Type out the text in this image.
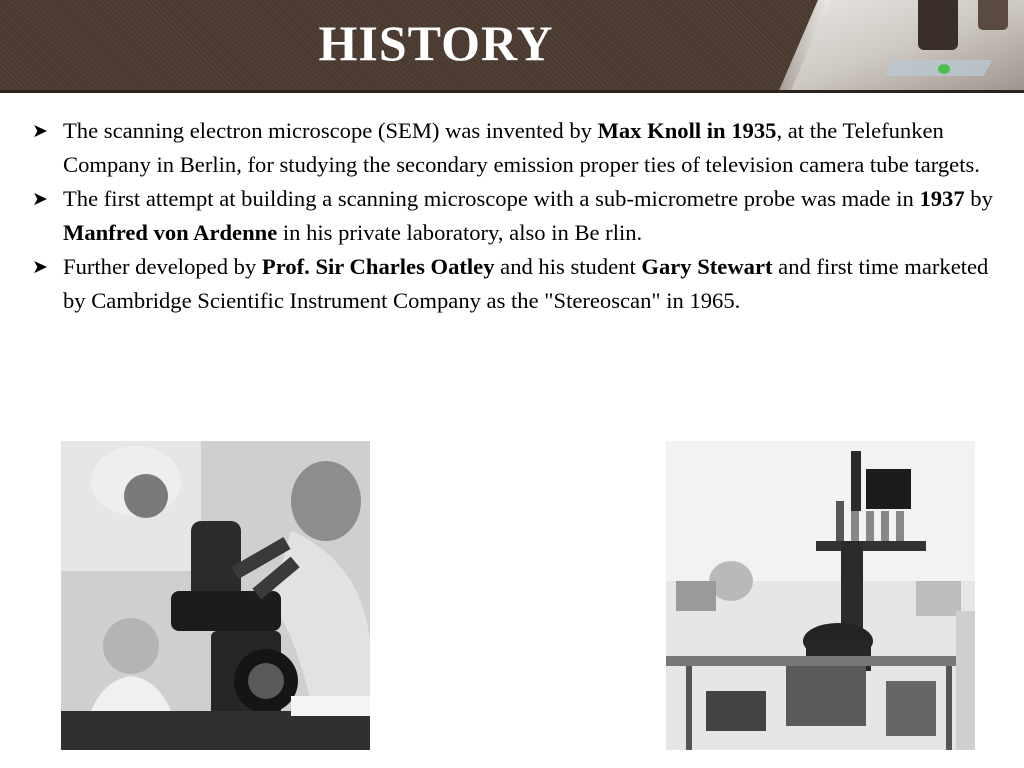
HISTORY

➤ The scanning electron microscope (SEM) was invented by Max Knoll in 1935, at the Telefunken Company in Berlin, for studying the secondary emission proper ties of television camera tube targets.

➤ The first attempt at building a scanning microscope with a sub-micrometre probe was made in 1937 by Manfred von Ardenne in his private laboratory, also in Be rlin.

➤ Further developed by Prof. Sir Charles Oatley and his student Gary Stewart and first time marketed by Cambridge Scientific Instrument Company as the "Stereoscan" in 1965.
